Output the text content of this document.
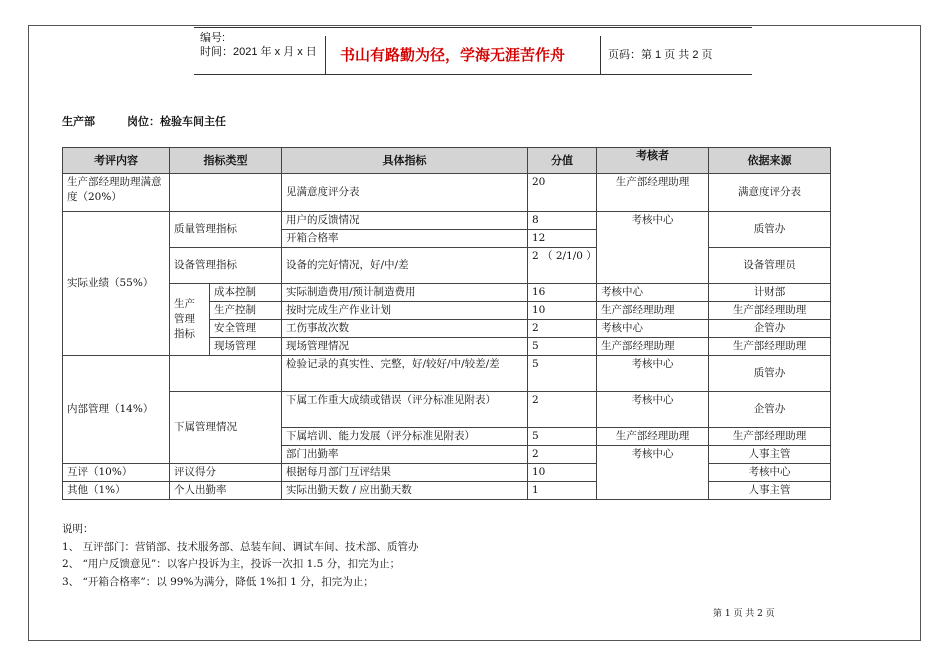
编号:
时间：2021 年 x 月 x 日 书山有路勤为径，学海无涯苦作舟	页码：第 1 页 共 2 页
生产部	岗位：检验车间主任
考评内容	指标类型		具体指标	分值	考核者	依据来源
生产部经理助理满意度（20%）			见满意度评分表	20	生产部经理助理	满意度评分表
实际业绩（55%）	质量管理指标		用户的反馈情况	8	考核中心	质管办
			开箱合格率	12		
	设备管理指标		设备的完好情况，好/中/差	2 （ 2/1/0 ）		设备管理员
	生产管理指标	成本控制	实际制造费用/预计制造费用	16	考核中心	计财部
		生产控制	按时完成生产作业计划	10	生产部经理助理	生产部经理助理
		安全管理	工伤事故次数	2	考核中心	企管办
		现场管理	现场管理情况	5	生产部经理助理	生产部经理助理
内部管理（14%）			检验记录的真实性、完整，好/较好/中/较差/差	5	考核中心	质管办
	下属管理情况		下属工作重大成绩或错误（评分标准见附表）	2	考核中心	企管办
			下属培训、能力发展（评分标准见附表）	5	生产部经理助理	生产部经理助理
			部门出勤率	2	考核中心	人事主管
互评（10%）	评议得分		根据每月部门互评结果	10		考核中心
其他（1%）	个人出勤率		实际出勤天数 / 应出勤天数	1		人事主管
说明：
1、 互评部门：营销部、技术服务部、总装车间、调试车间、技术部、质管办
2、 “用户反馈意见”：以客户投诉为主，投诉一次扣 1.5 分，扣完为止；
3、 “开箱合格率”：以 99%为满分，降低 1%扣 1 分，扣完为止；
第 1 页 共 2 页
